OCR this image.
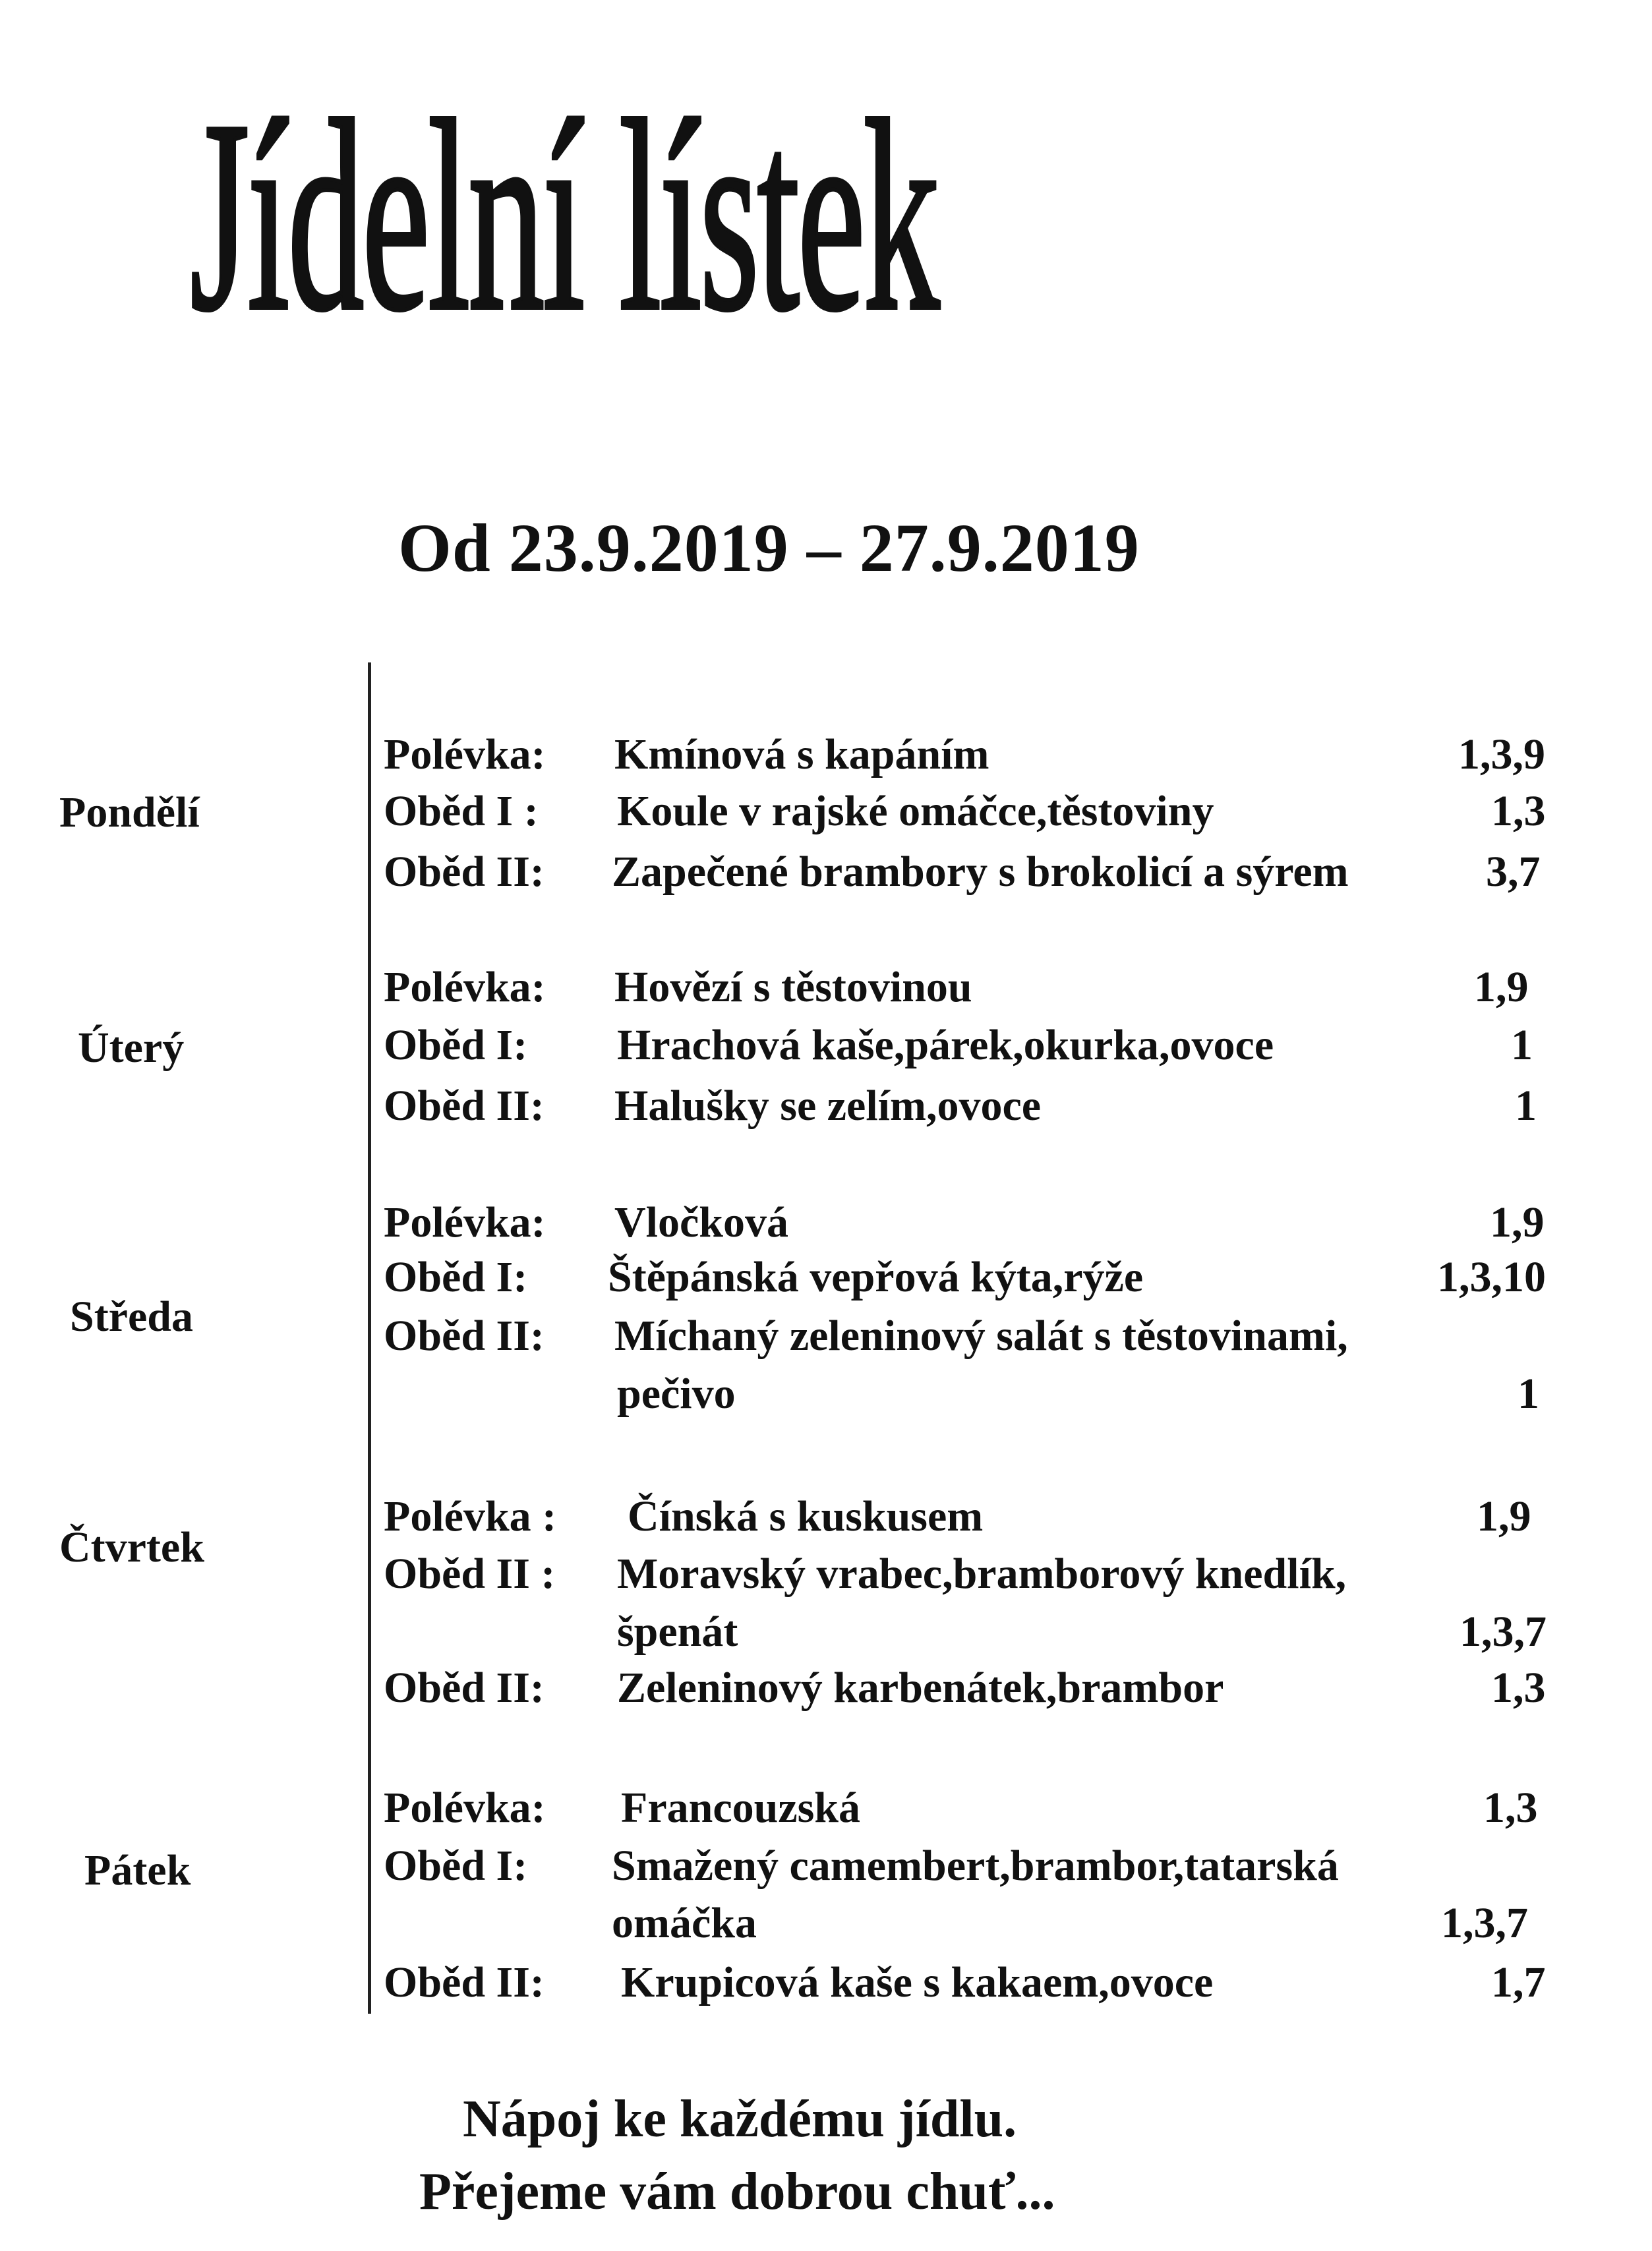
Jídelní lístek
Od 23.9.2019 – 27.9.2019
Pondělí
Polévka: Kmínová s kapáním	1,3,9
Oběd I : Koule v rajské omáčce,těstoviny	1,3
Oběd II: Zapečené brambory s brokolicí a sýrem	3,7
Úterý
Polévka: Hovězí s těstovinou	1,9
Oběd I: Hrachová kaše,párek,okurka,ovoce	1
Oběd II: Halušky se zelím,ovoce	1
Středa
Polévka: Vločková	1,9
Oběd I: Štěpánská vepřová kýta,rýže	1,3,10
Oběd II: Míchaný zeleninový salát s těstovinami,
pečivo	1
Čtvrtek
Polévka : Čínská s kuskusem	1,9
Oběd II : Moravský vrabec,bramborový knedlík,
špenát	1,3,7
Oběd II: Zeleninový karbenátek,brambor	1,3
Pátek
Polévka: Francouzská	1,3
Oběd I: Smažený camembert,brambor,tatarská
omáčka	1,3,7
Oběd II: Krupicová kaše s kakaem,ovoce	1,7
Nápoj ke každému jídlu.
Přejeme vám dobrou chuť...
